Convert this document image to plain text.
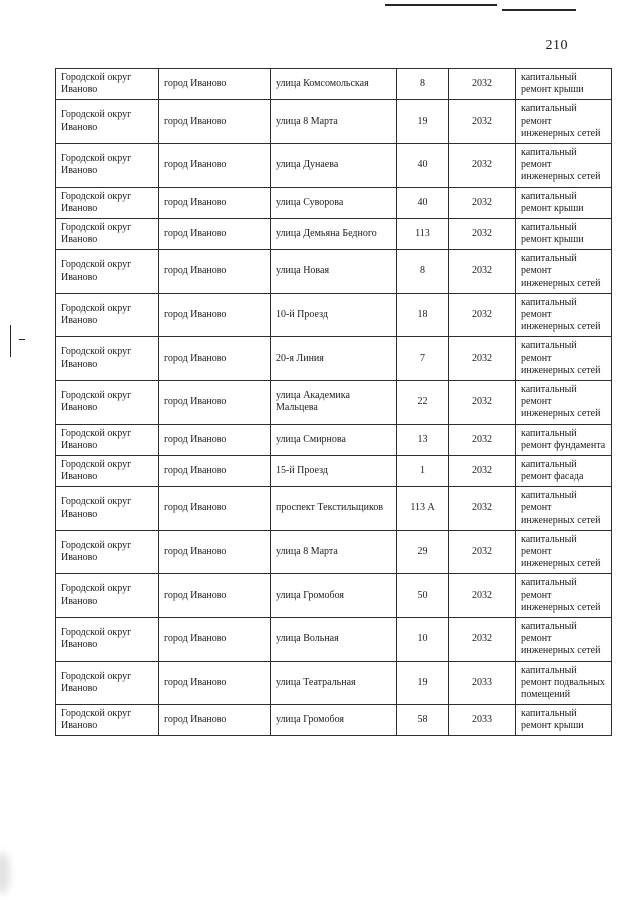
210
Городской округ Иваново	город Иваново	улица Комсомольская	8	2032	капитальный ремонт крыши
Городской округ Иваново	город Иваново	улица 8 Марта	19	2032	капитальный ремонт инженерных сетей
Городской округ Иваново	город Иваново	улица Дунаева	40	2032	капитальный ремонт инженерных сетей
Городской округ Иваново	город Иваново	улица Суворова	40	2032	капитальный ремонт крыши
Городской округ Иваново	город Иваново	улица Демьяна Бедного	113	2032	капитальный ремонт крыши
Городской округ Иваново	город Иваново	улица Новая	8	2032	капитальный ремонт инженерных сетей
Городской округ Иваново	город Иваново	10-й Проезд	18	2032	капитальный ремонт инженерных сетей
Городской округ Иваново	город Иваново	20-я Линия	7	2032	капитальный ремонт инженерных сетей
Городской округ Иваново	город Иваново	улица Академика Мальцева	22	2032	капитальный ремонт инженерных сетей
Городской округ Иваново	город Иваново	улица Смирнова	13	2032	капитальный ремонт фундамента
Городской округ Иваново	город Иваново	15-й Проезд	1	2032	капитальный ремонт фасада
Городской округ Иваново	город Иваново	проспект Текстильщиков	113 А	2032	капитальный ремонт инженерных сетей
Городской округ Иваново	город Иваново	улица 8 Марта	29	2032	капитальный ремонт инженерных сетей
Городской округ Иваново	город Иваново	улица Громобоя	50	2032	капитальный ремонт инженерных сетей
Городской округ Иваново	город Иваново	улица Вольная	10	2032	капитальный ремонт инженерных сетей
Городской округ Иваново	город Иваново	улица Театральная	19	2033	капитальный ремонт подвальных помещений
Городской округ Иваново	город Иваново	улица Громобоя	58	2033	капитальный ремонт крыши
